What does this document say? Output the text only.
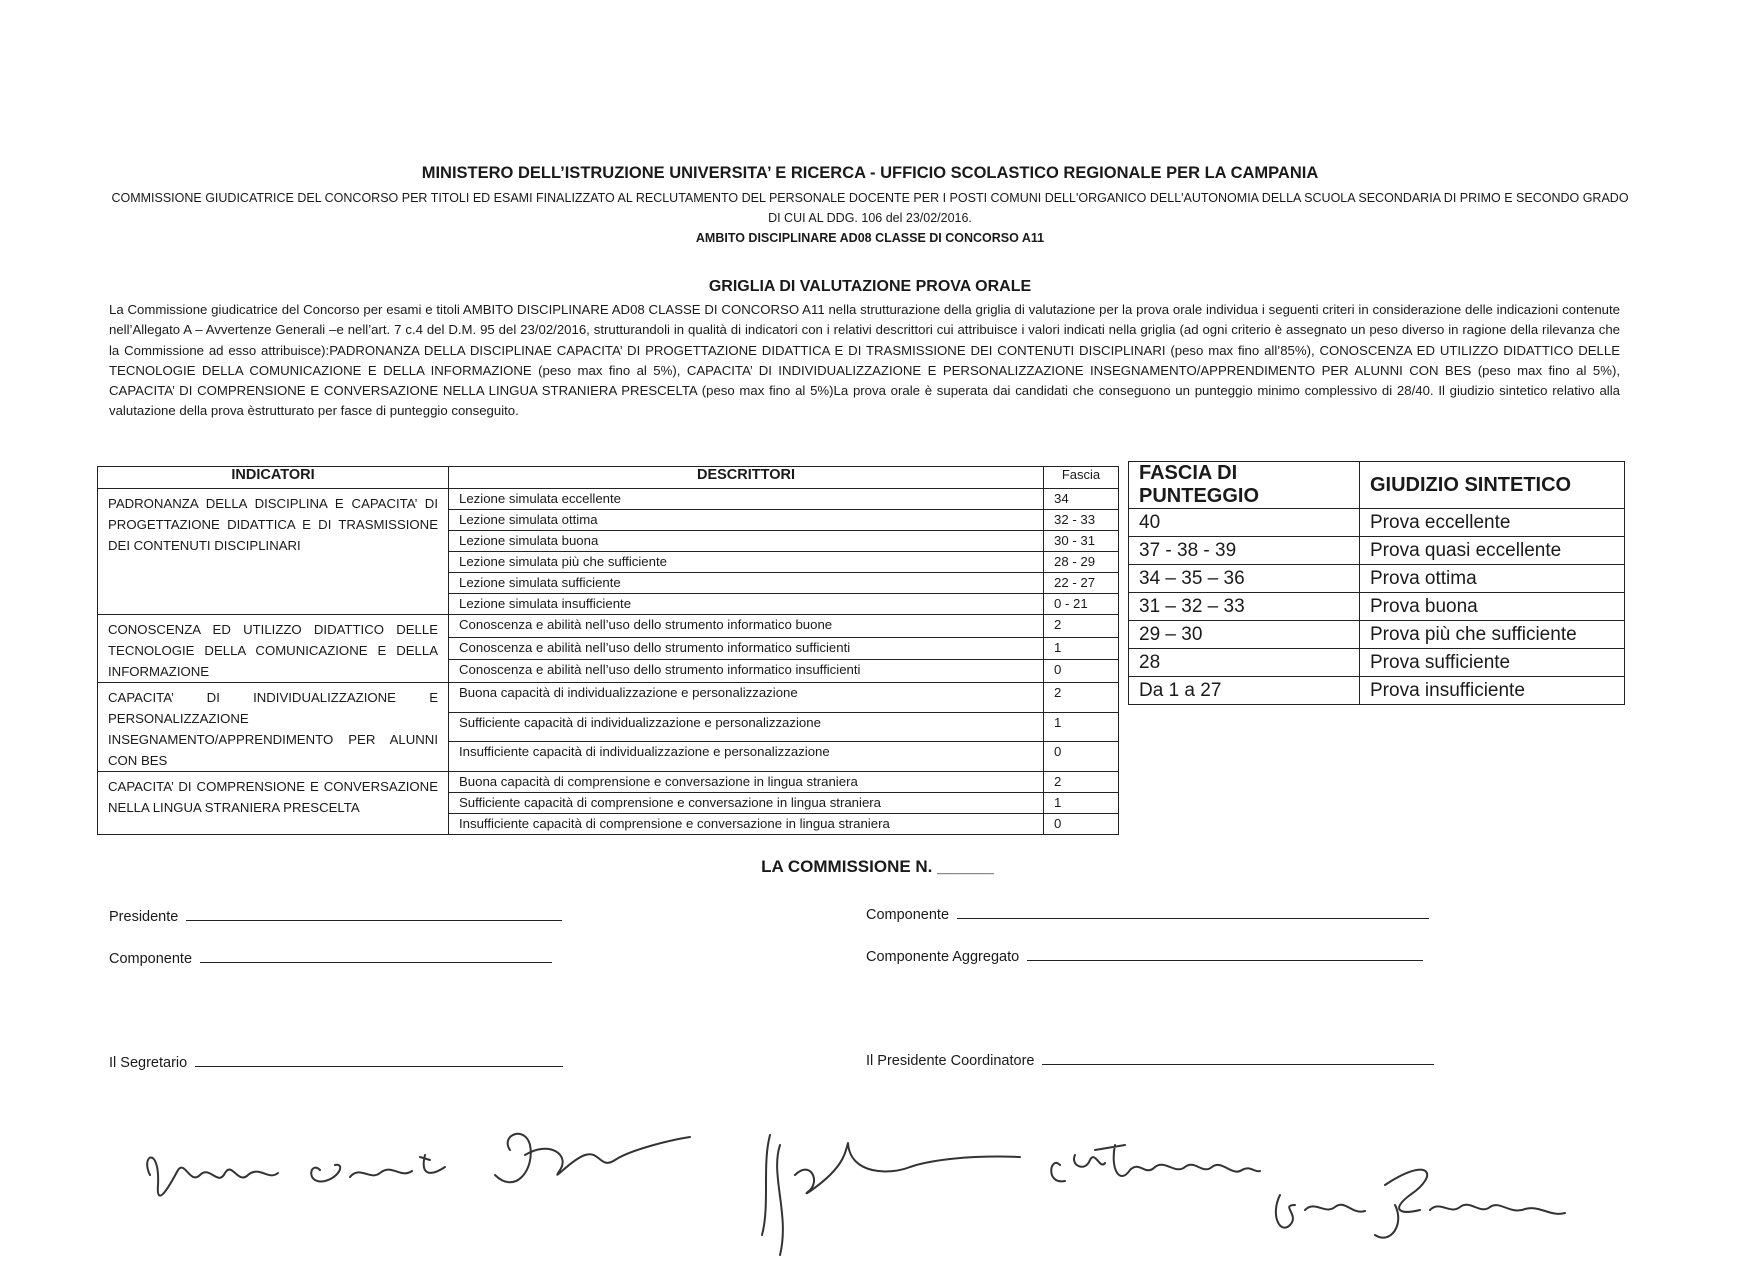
MINISTERO DELL’ISTRUZIONE UNIVERSITA’ E RICERCA - UFFICIO SCOLASTICO REGIONALE PER LA CAMPANIA
COMMISSIONE GIUDICATRICE DEL CONCORSO PER TITOLI ED ESAMI FINALIZZATO AL RECLUTAMENTO DEL PERSONALE DOCENTE PER I POSTI COMUNI DELL'ORGANICO DELL'AUTONOMIA DELLA SCUOLA SECONDARIA DI PRIMO E SECONDO GRADO DI CUI AL DDG. 106 del 23/02/2016.
AMBITO DISCIPLINARE AD08 CLASSE DI CONCORSO A11
GRIGLIA DI VALUTAZIONE PROVA ORALE
La Commissione giudicatrice del Concorso per esami e titoli AMBITO DISCIPLINARE AD08 CLASSE DI CONCORSO A11 nella strutturazione della griglia di valutazione per la prova orale individua i seguenti criteri in considerazione delle indicazioni contenute nell’Allegato A – Avvertenze Generali –e nell’art. 7 c.4 del D.M. 95 del 23/02/2016, strutturandoli in qualità di indicatori con i relativi descrittori cui attribuisce i valori indicati nella griglia (ad ogni criterio è assegnato un peso diverso in ragione della rilevanza che la Commissione ad esso attribuisce):PADRONANZA DELLA DISCIPLINAE CAPACITA’ DI PROGETTAZIONE DIDATTICA E DI TRASMISSIONE DEI CONTENUTI DISCIPLINARI (peso max fino all’85%), CONOSCENZA ED UTILIZZO DIDATTICO DELLE TECNOLOGIE DELLA COMUNICAZIONE E DELLA INFORMAZIONE (peso max fino al 5%), CAPACITA’ DI INDIVIDUALIZZAZIONE E PERSONALIZZAZIONE INSEGNAMENTO/APPRENDIMENTO PER ALUNNI CON BES (peso max fino al 5%), CAPACITA’ DI COMPRENSIONE E CONVERSAZIONE NELLA LINGUA STRANIERA PRESCELTA (peso max fino al 5%)La prova orale è superata dai candidati che conseguono un punteggio minimo complessivo di 28/40. Il giudizio sintetico relativo alla valutazione della prova èstrutturato per fasce di punteggio conseguito.
INDICATORI	DESCRITTORI	Fascia
PADRONANZA DELLA DISCIPLINA E CAPACITA’ DI PROGETTAZIONE DIDATTICA E DI TRASMISSIONE DEI CONTENUTI DISCIPLINARI	Lezione simulata eccellente	34
	Lezione simulata ottima	32 - 33
	Lezione simulata buona	30 - 31
	Lezione simulata più che sufficiente	28 - 29
	Lezione simulata sufficiente	22 - 27
	Lezione simulata insufficiente	0 - 21
CONOSCENZA ED UTILIZZO DIDATTICO DELLE TECNOLOGIE DELLA COMUNICAZIONE E DELLA INFORMAZIONE	Conoscenza e abilità nell’uso dello strumento informatico buone	2
	Conoscenza e abilità nell’uso dello strumento informatico sufficienti	1
	Conoscenza e abilità nell’uso dello strumento informatico insufficienti	0
CAPACITA’ DI INDIVIDUALIZZAZIONE E PERSONALIZZAZIONE INSEGNAMENTO/APPRENDIMENTO PER ALUNNI CON BES	Buona capacità di individualizzazione e personalizzazione	2
	Sufficiente capacità di individualizzazione e personalizzazione	1
	Insufficiente capacità di individualizzazione e personalizzazione	0
CAPACITA’ DI COMPRENSIONE E CONVERSAZIONE NELLA LINGUA STRANIERA PRESCELTA	Buona capacità di comprensione e conversazione in lingua straniera	2
	Sufficiente capacità di comprensione e conversazione in lingua straniera	1
	Insufficiente capacità di comprensione e conversazione in lingua straniera	0
FASCIA DI PUNTEGGIO	GIUDIZIO SINTETICO
40	Prova eccellente
37 - 38 - 39	Prova quasi eccellente
34 – 35 – 36	Prova ottima
31 – 32 – 33	Prova buona
29 – 30	Prova più che sufficiente
28	Prova sufficiente
Da 1 a 27	Prova insufficiente
LA COMMISSIONE N. ______
Presidente
Componente
Il Segretario
Componente
Componente Aggregato
Il Presidente Coordinatore
